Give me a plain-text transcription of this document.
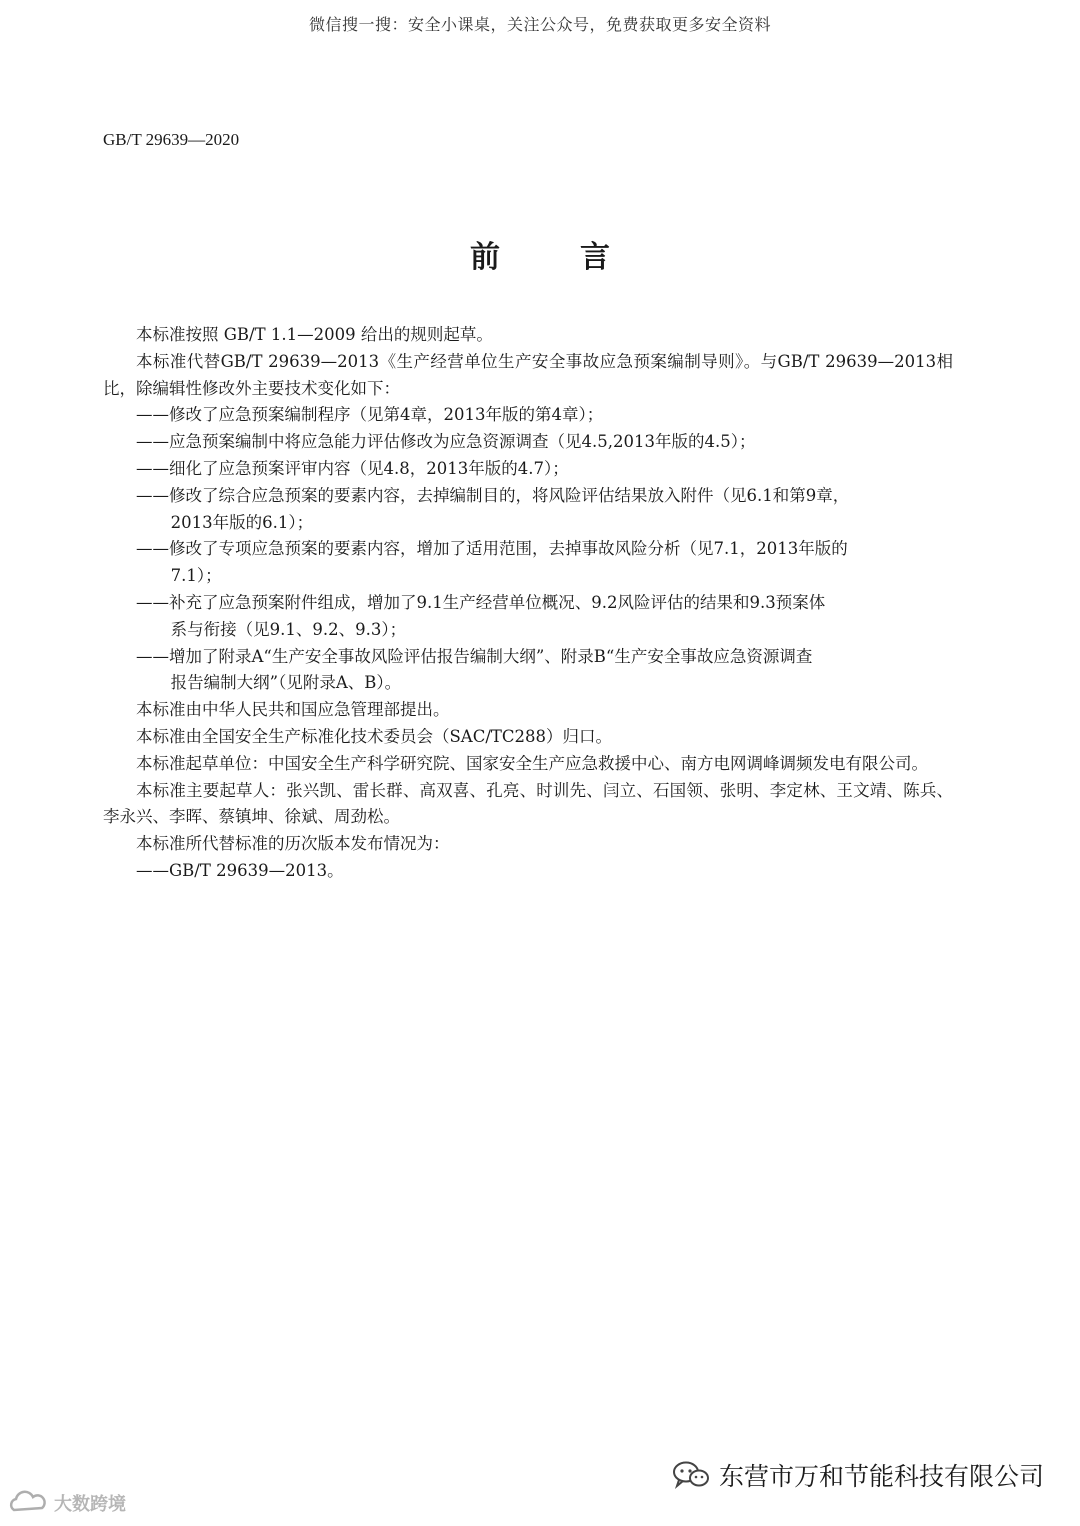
微信搜一搜：安全小课桌，关注公众号，免费获取更多安全资料
GB/T 29639—2020
前言

本标准按照 GB/T 1.1—2009 给出的规则起草。

本标准代替GB/T 29639—2013《生产经营单位生产安全事故应急预案编制导则》。与GB/T 29639—2013相比，除编辑性修改外主要技术变化如下：

——修改了应急预案编制程序（见第4章，2013年版的第4章）；
——应急预案编制中将应急能力评估修改为应急资源调查（见4.5,2013年版的4.5）；
——细化了应急预案评审内容（见4.8，2013年版的4.7）；
——修改了综合应急预案的要素内容，去掉编制目的，将风险评估结果放入附件（见6.1和第9章，
2013年版的6.1）；
——修改了专项应急预案的要素内容，增加了适用范围，去掉事故风险分析（见7.1，2013年版的
7.1）；
——补充了应急预案附件组成，增加了9.1生产经营单位概况、9.2风险评估的结果和9.3预案体
系与衔接（见9.1、9.2、9.3）；
——增加了附录A“生产安全事故风险评估报告编制大纲”、附录B“生产安全事故应急资源调查
报告编制大纲”（见附录A、B）。

本标准由中华人民共和国应急管理部提出。

本标准由全国安全生产标准化技术委员会（SAC/TC288）归口。

本标准起草单位：中国安全生产科学研究院、国家安全生产应急救援中心、南方电网调峰调频发电有限公司。

本标准主要起草人：张兴凯、雷长群、高双喜、孔亮、时训先、闫立、石国领、张明、李定林、王文靖、陈兵、李永兴、李晖、蔡镇坤、徐斌、周劲松。

本标准所代替标准的历次版本发布情况为：

——GB/T 29639—2013。
东营市万和节能科技有限公司
大数跨境
